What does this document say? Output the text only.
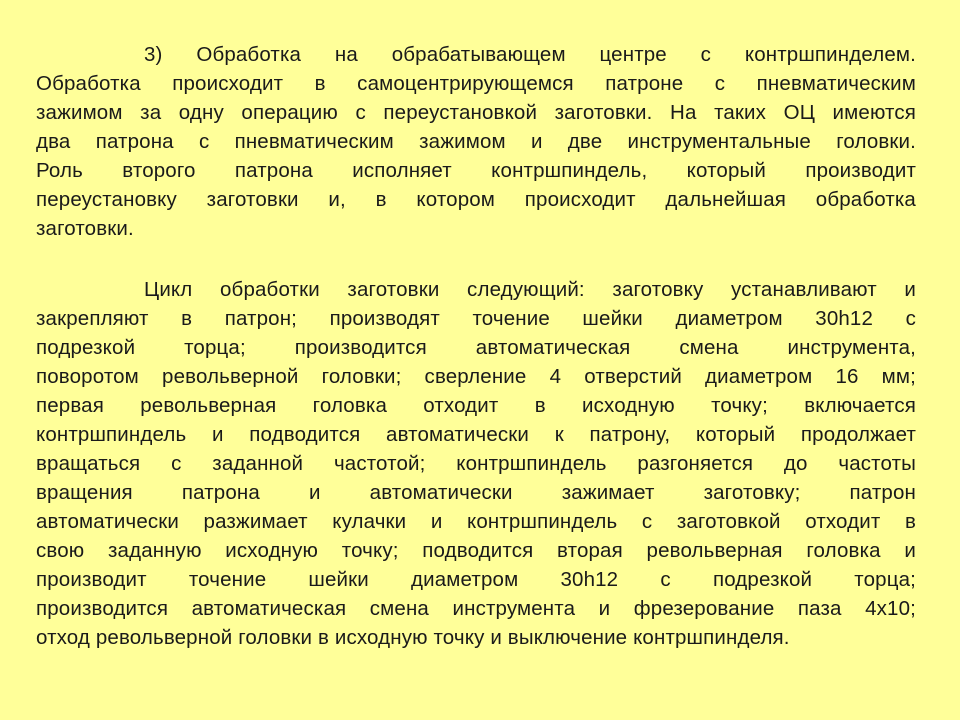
3) Обработка на обрабатывающем центре с контршпинделем.
Обработка происходит в самоцентрирующемся патроне с пневматическим
зажимом за одну операцию с переустановкой заготовки. На таких ОЦ имеются
два патрона с пневматическим зажимом и две инструментальные головки.
Роль второго патрона исполняет контршпиндель, который производит
переустановку заготовки и, в котором происходит дальнейшая обработка
заготовки.

Цикл обработки заготовки следующий: заготовку устанавливают и
закрепляют в патрон; производят точение шейки диаметром 30h12 с
подрезкой торца; производится автоматическая смена инструмента,
поворотом револьверной головки; сверление 4 отверстий диаметром 16 мм;
первая револьверная головка отходит в исходную точку; включается
контршпиндель и подводится автоматически к патрону, который продолжает
вращаться с заданной частотой; контршпиндель разгоняется до частоты
вращения патрона и автоматически зажимает заготовку; патрон
автоматически разжимает кулачки и контршпиндель с заготовкой отходит в
свою заданную исходную точку; подводится вторая револьверная головка и
производит точение шейки диаметром 30h12 с подрезкой торца;
производится автоматическая смена инструмента и фрезерование паза 4х10;
отход револьверной головки в исходную точку и выключение контршпинделя.
